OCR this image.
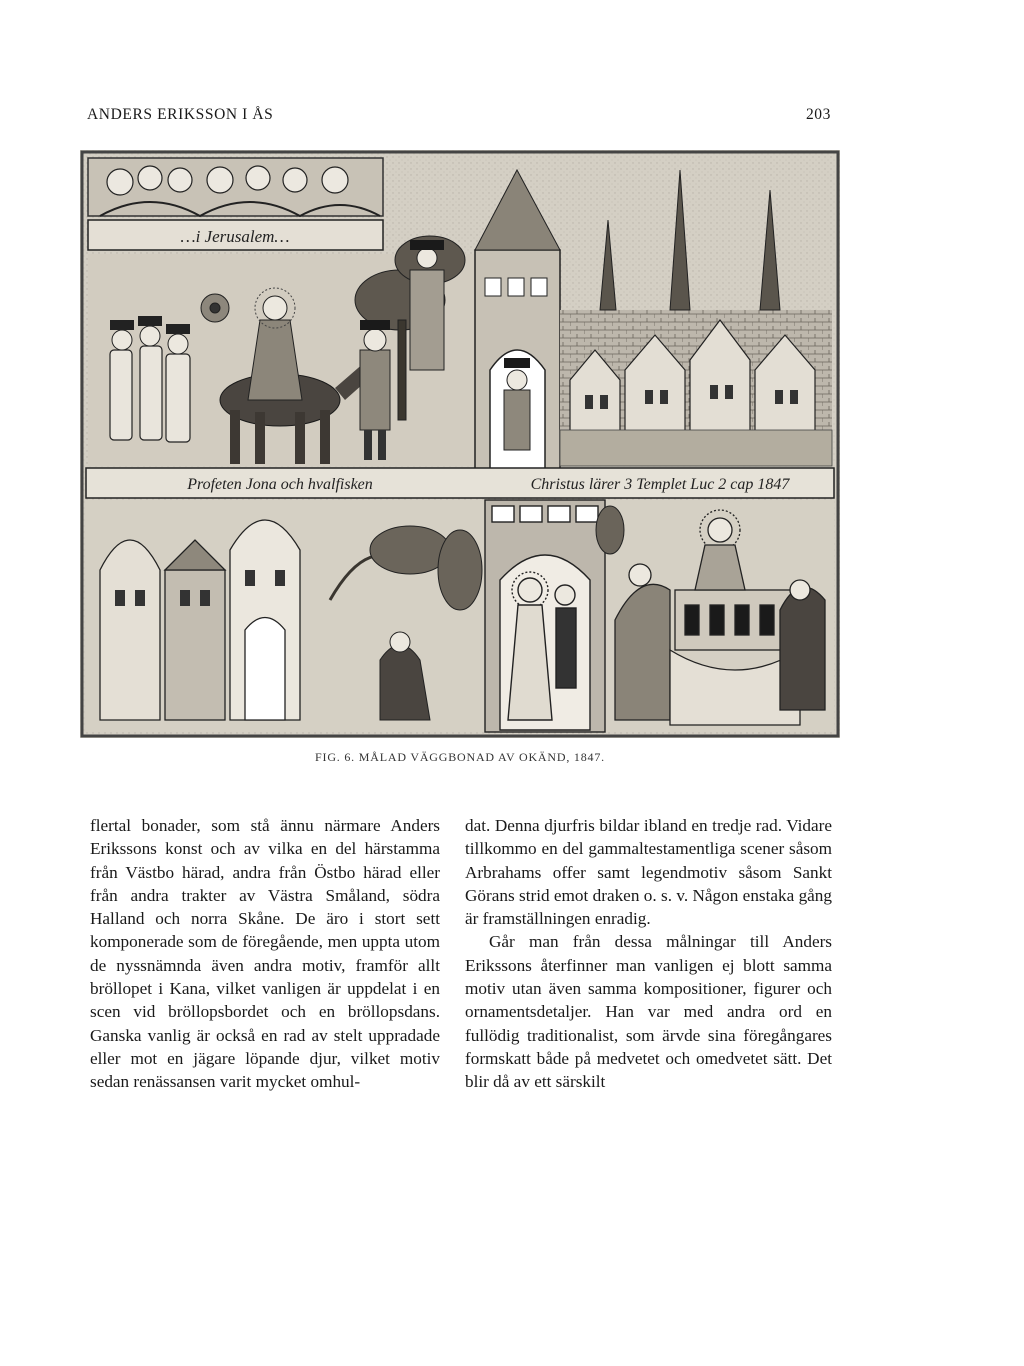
ANDERS ERIKSSON I ÅS	203
…i Jerusalem…
Profeten Jona och hvalfisken	Christus lärer 3 Templet Luc 2 cap 1847
FIG. 6. MÅLAD VÄGGBONAD AV OKÄND, 1847.

flertal bonader, som stå ännu närmare Anders Erikssons konst och av vilka en del härstamma från Västbo härad, andra från Östbo härad eller från andra trakter av Västra Småland, södra Halland och norra Skåne. De äro i stort sett komponerade som de föregående, men uppta utom de nyssnämnda även andra motiv, framför allt bröllopet i Kana, vilket vanligen är uppdelat i en scen vid bröllopsbordet och en bröllopsdans. Ganska vanlig är också en rad av stelt uppradade eller mot en jägare löpande djur, vilket motiv sedan renässansen varit mycket omhul-

dat. Denna djurfris bildar ibland en tredje rad. Vidare tillkommo en del gammaltestamentliga scener såsom Arbrahams offer samt legendmotiv såsom Sankt Görans strid emot draken o. s. v. Någon enstaka gång är framställningen enradig.

Går man från dessa målningar till Anders Erikssons återfinner man vanligen ej blott samma motiv utan även samma kompositioner, figurer och ornamentsdetaljer. Han var med andra ord en fullödig traditionalist, som ärvde sina föregångares formskatt både på medvetet och omedvetet sätt. Det blir då av ett särskilt
